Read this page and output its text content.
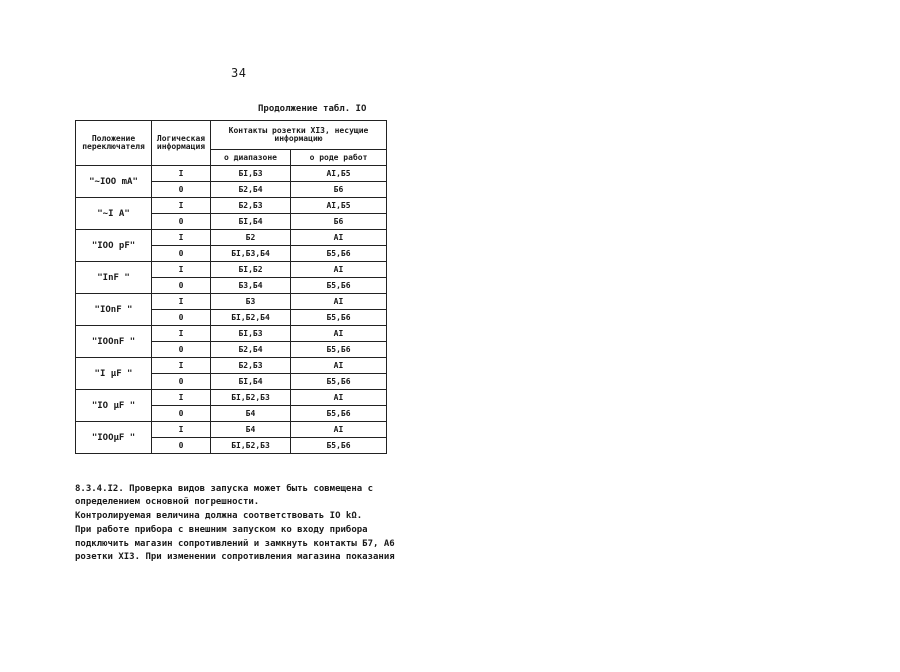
34
Продолжение табл. IO
Положение переключателя	Логическая информация	Контакты розетки XI3, несущие информацию	
		о диапазоне	о роде работ
"~IOO mA"	I	БI,Б3	AI,Б5
	0	Б2,Б4	Б6
"~I A"	I	Б2,Б3	AI,Б5
	0	БI,Б4	Б6
"IOO pF"	I	Б2	AI
	0	БI,Б3,Б4	Б5,Б6
"InF "	I	БI,Б2	AI
	0	Б3,Б4	Б5,Б6
"IOnF "	I	Б3	AI
	0	БI,Б2,Б4	Б5,Б6
"IOOnF "	I	БI,Б3	AI
	0	Б2,Б4	Б5,Б6
"I µF "	I	Б2,Б3	AI
	0	БI,Б4	Б5,Б6
"IO µF "	I	БI,Б2,Б3	AI
	0	Б4	Б5,Б6
"IOOµF "	I	Б4	AI
	0	БI,Б2,Б3	Б5,Б6
8.3.4.I2. Проверка видов запуска может быть совмещена с
определением основной погрешности.
Контролируемая величина должна соответствовать IO kΩ.
При работе прибора с внешним запуском ко входу прибора
подключить магазин сопротивлений и замкнуть контакты Б7, А6
розетки XI3. При изменении сопротивления магазина показания
